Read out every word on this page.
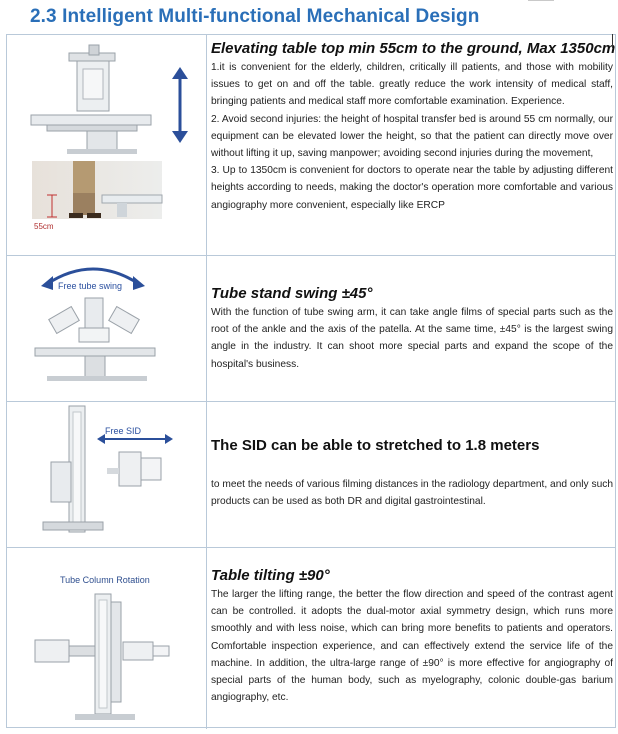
2.3 Intelligent Multi-functional Mechanical Design
55cm
Elevating table top min 55cm to the ground, Max 1350cm

1.it is convenient for the elderly, children, critically ill patients, and those with mobility issues to get on and off the table. greatly reduce the work intensity of medical staff, bringing patients and medical staff more comfortable examination. Experience.

2. Avoid second injuries: the height of hospital transfer bed is around 55 cm normally, our equipment can be elevated lower the height, so that the patient can directly move over without lifting it up, saving manpower; avoiding second injuries during the movement,

3. Up to 1350cm is convenient for doctors to operate near the table by adjusting different heights according to needs, making the doctor's operation more comfortable and various angiography more convenient, especially like ERCP

Free tube swing	Tube stand swing ±45°

With the function of tube swing arm, it can take angle films of special parts such as the root of the ankle and the axis of the patella. At the same time, ±45° is the largest swing angle in the industry. It can shoot more special parts and expand the scope of the hospital's business.

Free SID
The SID can be able to stretched to 1.8 meters

to meet the needs of various filming distances in the radiology department, and only such products can be used as both DR and digital gastrointestinal.

Tube Column Rotation	Table tilting ±90°

The larger the lifting range, the better the flow direction and speed of the contrast agent can be controlled. it adopts the dual-motor axial symmetry design, which runs more smoothly and with less noise, which can bring more benefits to patients and operators. Comfortable inspection experience, and can effectively extend the service life of the machine. In addition, the ultra-large range of ±90° is more effective for angiography of special parts of the human body, such as myelography, colonic double-gas barium angiography, etc.
